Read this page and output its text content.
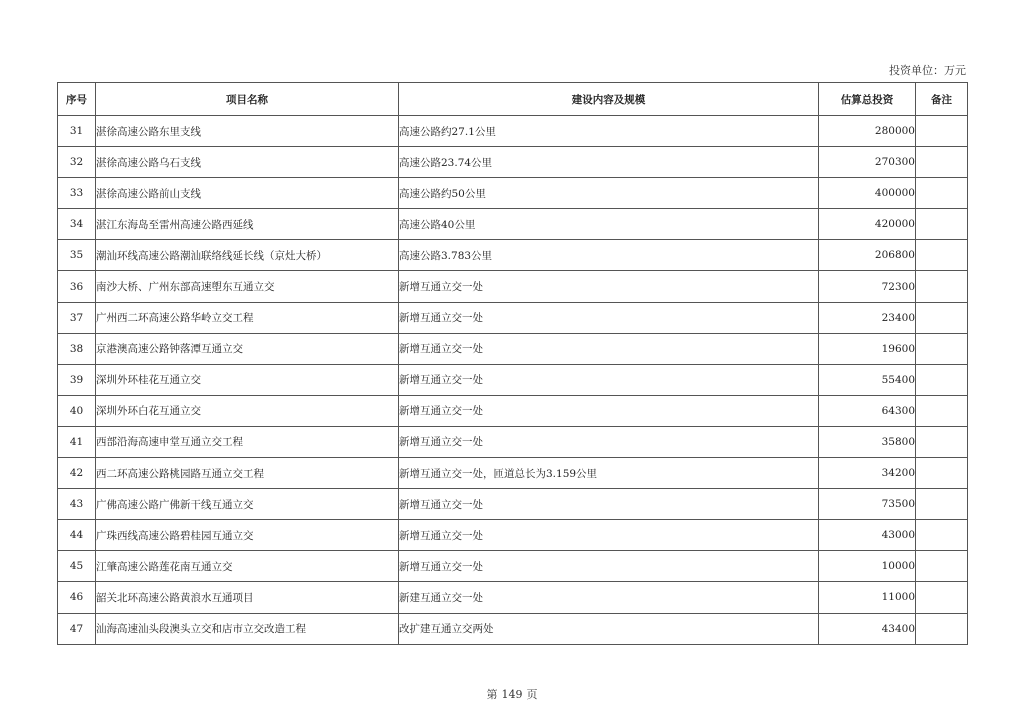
投资单位：万元
序号	项目名称	建设内容及规模	估算总投资	备注
31	湛徐高速公路东里支线	高速公路约27.1公里	280000	
32	湛徐高速公路乌石支线	高速公路23.74公里	270300	
33	湛徐高速公路前山支线	高速公路约50公里	400000	
34	湛江东海岛至雷州高速公路西延线	高速公路40公里	420000	
35	潮汕环线高速公路潮汕联络线延长线（京灶大桥）	高速公路3.783公里	206800	
36	南沙大桥、广州东部高速塱东互通立交	新增互通立交一处	72300	
37	广州西二环高速公路华岭立交工程	新增互通立交一处	23400	
38	京港澳高速公路钟落潭互通立交	新增互通立交一处	19600	
39	深圳外环桂花互通立交	新增互通立交一处	55400	
40	深圳外环白花互通立交	新增互通立交一处	64300	
41	西部沿海高速申堂互通立交工程	新增互通立交一处	35800	
42	西二环高速公路桃园路互通立交工程	新增互通立交一处，匝道总长为3.159公里	34200	
43	广佛高速公路广佛新干线互通立交	新增互通立交一处	73500	
44	广珠西线高速公路碧桂园互通立交	新增互通立交一处	43000	
45	江肇高速公路莲花南互通立交	新增互通立交一处	10000	
46	韶关北环高速公路黄浪水互通项目	新建互通立交一处	11000	
47	汕海高速汕头段澳头立交和店市立交改造工程	改扩建互通立交两处	43400	
第 149 页
